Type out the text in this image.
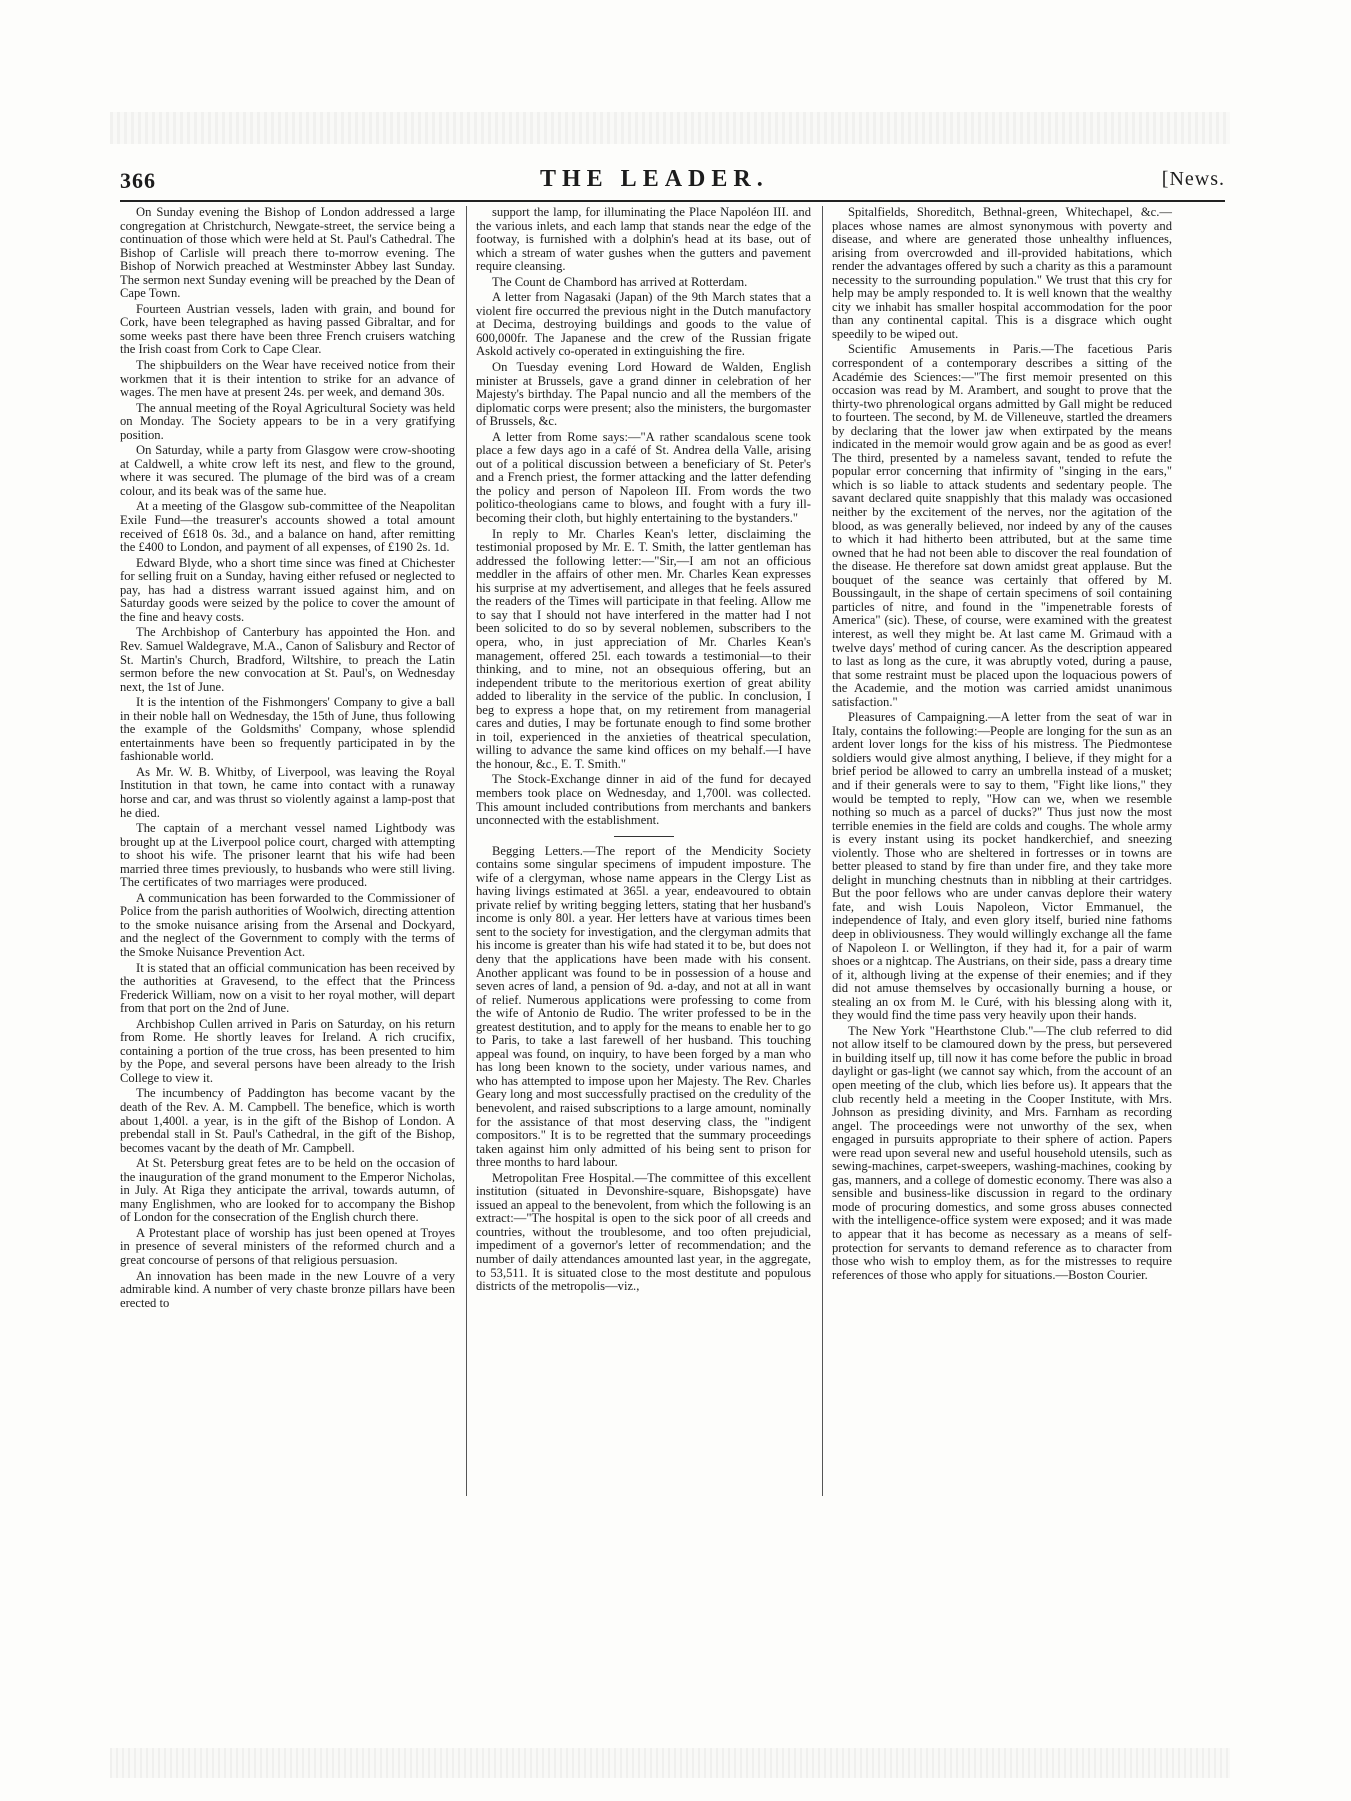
366	THE LEADER.	[News.

On Sunday evening the Bishop of London addressed a large congregation at Christchurch, Newgate-street, the service being a continuation of those which were held at St. Paul's Cathedral. The Bishop of Carlisle will preach there to-morrow evening. The Bishop of Norwich preached at Westminster Abbey last Sunday. The sermon next Sunday evening will be preached by the Dean of Cape Town.

Fourteen Austrian vessels, laden with grain, and bound for Cork, have been telegraphed as having passed Gibraltar, and for some weeks past there have been three French cruisers watching the Irish coast from Cork to Cape Clear.

The shipbuilders on the Wear have received notice from their workmen that it is their intention to strike for an advance of wages. The men have at present 24s. per week, and demand 30s.

The annual meeting of the Royal Agricultural Society was held on Monday. The Society appears to be in a very gratifying position.

On Saturday, while a party from Glasgow were crow-shooting at Caldwell, a white crow left its nest, and flew to the ground, where it was secured. The plumage of the bird was of a cream colour, and its beak was of the same hue.

At a meeting of the Glasgow sub-committee of the Neapolitan Exile Fund—the treasurer's accounts showed a total amount received of £618 0s. 3d., and a balance on hand, after remitting the £400 to London, and payment of all expenses, of £190 2s. 1d.

Edward Blyde, who a short time since was fined at Chichester for selling fruit on a Sunday, having either refused or neglected to pay, has had a distress warrant issued against him, and on Saturday goods were seized by the police to cover the amount of the fine and heavy costs.

The Archbishop of Canterbury has appointed the Hon. and Rev. Samuel Waldegrave, M.A., Canon of Salisbury and Rector of St. Martin's Church, Bradford, Wiltshire, to preach the Latin sermon before the new convocation at St. Paul's, on Wednesday next, the 1st of June.

It is the intention of the Fishmongers' Company to give a ball in their noble hall on Wednesday, the 15th of June, thus following the example of the Goldsmiths' Company, whose splendid entertainments have been so frequently participated in by the fashionable world.

As Mr. W. B. Whitby, of Liverpool, was leaving the Royal Institution in that town, he came into contact with a runaway horse and car, and was thrust so violently against a lamp-post that he died.

The captain of a merchant vessel named Lightbody was brought up at the Liverpool police court, charged with attempting to shoot his wife. The prisoner learnt that his wife had been married three times previously, to husbands who were still living. The certificates of two marriages were produced.

A communication has been forwarded to the Commissioner of Police from the parish authorities of Woolwich, directing attention to the smoke nuisance arising from the Arsenal and Dockyard, and the neglect of the Government to comply with the terms of the Smoke Nuisance Prevention Act.

It is stated that an official communication has been received by the authorities at Gravesend, to the effect that the Princess Frederick William, now on a visit to her royal mother, will depart from that port on the 2nd of June.

Archbishop Cullen arrived in Paris on Saturday, on his return from Rome. He shortly leaves for Ireland. A rich crucifix, containing a portion of the true cross, has been presented to him by the Pope, and several persons have been already to the Irish College to view it.

The incumbency of Paddington has become vacant by the death of the Rev. A. M. Campbell. The benefice, which is worth about 1,400l. a year, is in the gift of the Bishop of London. A prebendal stall in St. Paul's Cathedral, in the gift of the Bishop, becomes vacant by the death of Mr. Campbell.

At St. Petersburg great fetes are to be held on the occasion of the inauguration of the grand monument to the Emperor Nicholas, in July. At Riga they anticipate the arrival, towards autumn, of many Englishmen, who are looked for to accompany the Bishop of London for the consecration of the English church there.

A Protestant place of worship has just been opened at Troyes in presence of several ministers of the reformed church and a great concourse of persons of that religious persuasion.

An innovation has been made in the new Louvre of a very admirable kind. A number of very chaste bronze pillars have been erected to

support the lamp, for illuminating the Place Napoléon III. and the various inlets, and each lamp that stands near the edge of the footway, is furnished with a dolphin's head at its base, out of which a stream of water gushes when the gutters and pavement require cleansing.

The Count de Chambord has arrived at Rotterdam.

A letter from Nagasaki (Japan) of the 9th March states that a violent fire occurred the previous night in the Dutch manufactory at Decima, destroying buildings and goods to the value of 600,000fr. The Japanese and the crew of the Russian frigate Askold actively co-operated in extinguishing the fire.

On Tuesday evening Lord Howard de Walden, English minister at Brussels, gave a grand dinner in celebration of her Majesty's birthday. The Papal nuncio and all the members of the diplomatic corps were present; also the ministers, the burgomaster of Brussels, &c.

A letter from Rome says:—"A rather scandalous scene took place a few days ago in a café of St. Andrea della Valle, arising out of a political discussion between a beneficiary of St. Peter's and a French priest, the former attacking and the latter defending the policy and person of Napoleon III. From words the two politico-theologians came to blows, and fought with a fury ill-becoming their cloth, but highly entertaining to the bystanders."

In reply to Mr. Charles Kean's letter, disclaiming the testimonial proposed by Mr. E. T. Smith, the latter gentleman has addressed the following letter:—"Sir,—I am not an officious meddler in the affairs of other men. Mr. Charles Kean expresses his surprise at my advertisement, and alleges that he feels assured the readers of the Times will participate in that feeling. Allow me to say that I should not have interfered in the matter had I not been solicited to do so by several noblemen, subscribers to the opera, who, in just appreciation of Mr. Charles Kean's management, offered 25l. each towards a testimonial—to their thinking, and to mine, not an obsequious offering, but an independent tribute to the meritorious exertion of great ability added to liberality in the service of the public. In conclusion, I beg to express a hope that, on my retirement from managerial cares and duties, I may be fortunate enough to find some brother in toil, experienced in the anxieties of theatrical speculation, willing to advance the same kind offices on my behalf.—I have the honour, &c., E. T. Smith."

The Stock-Exchange dinner in aid of the fund for decayed members took place on Wednesday, and 1,700l. was collected. This amount included contributions from merchants and bankers unconnected with the establishment.

Begging Letters.—The report of the Mendicity Society contains some singular specimens of impudent imposture. The wife of a clergyman, whose name appears in the Clergy List as having livings estimated at 365l. a year, endeavoured to obtain private relief by writing begging letters, stating that her husband's income is only 80l. a year. Her letters have at various times been sent to the society for investigation, and the clergyman admits that his income is greater than his wife had stated it to be, but does not deny that the applications have been made with his consent. Another applicant was found to be in possession of a house and seven acres of land, a pension of 9d. a-day, and not at all in want of relief. Numerous applications were professing to come from the wife of Antonio de Rudio. The writer professed to be in the greatest destitution, and to apply for the means to enable her to go to Paris, to take a last farewell of her husband. This touching appeal was found, on inquiry, to have been forged by a man who has long been known to the society, under various names, and who has attempted to impose upon her Majesty. The Rev. Charles Geary long and most successfully practised on the credulity of the benevolent, and raised subscriptions to a large amount, nominally for the assistance of that most deserving class, the "indigent compositors." It is to be regretted that the summary proceedings taken against him only admitted of his being sent to prison for three months to hard labour.

Metropolitan Free Hospital.—The committee of this excellent institution (situated in Devonshire-square, Bishopsgate) have issued an appeal to the benevolent, from which the following is an extract:—"The hospital is open to the sick poor of all creeds and countries, without the troublesome, and too often prejudicial, impediment of a governor's letter of recommendation; and the number of daily attendances amounted last year, in the aggregate, to 53,511. It is situated close to the most destitute and populous districts of the metropolis—viz.,

Spitalfields, Shoreditch, Bethnal-green, Whitechapel, &c.—places whose names are almost synonymous with poverty and disease, and where are generated those unhealthy influences, arising from overcrowded and ill-provided habitations, which render the advantages offered by such a charity as this a paramount necessity to the surrounding population." We trust that this cry for help may be amply responded to. It is well known that the wealthy city we inhabit has smaller hospital accommodation for the poor than any continental capital. This is a disgrace which ought speedily to be wiped out.

Scientific Amusements in Paris.—The facetious Paris correspondent of a contemporary describes a sitting of the Académie des Sciences:—"The first memoir presented on this occasion was read by M. Arambert, and sought to prove that the thirty-two phrenological organs admitted by Gall might be reduced to fourteen. The second, by M. de Villeneuve, startled the dreamers by declaring that the lower jaw when extirpated by the means indicated in the memoir would grow again and be as good as ever! The third, presented by a nameless savant, tended to refute the popular error concerning that infirmity of "singing in the ears," which is so liable to attack students and sedentary people. The savant declared quite snappishly that this malady was occasioned neither by the excitement of the nerves, nor the agitation of the blood, as was generally believed, nor indeed by any of the causes to which it had hitherto been attributed, but at the same time owned that he had not been able to discover the real foundation of the disease. He therefore sat down amidst great applause. But the bouquet of the seance was certainly that offered by M. Boussingault, in the shape of certain specimens of soil containing particles of nitre, and found in the "impenetrable forests of America" (sic). These, of course, were examined with the greatest interest, as well they might be. At last came M. Grimaud with a twelve days' method of curing cancer. As the description appeared to last as long as the cure, it was abruptly voted, during a pause, that some restraint must be placed upon the loquacious powers of the Academie, and the motion was carried amidst unanimous satisfaction."

Pleasures of Campaigning.—A letter from the seat of war in Italy, contains the following:—People are longing for the sun as an ardent lover longs for the kiss of his mistress. The Piedmontese soldiers would give almost anything, I believe, if they might for a brief period be allowed to carry an umbrella instead of a musket; and if their generals were to say to them, "Fight like lions," they would be tempted to reply, "How can we, when we resemble nothing so much as a parcel of ducks?" Thus just now the most terrible enemies in the field are colds and coughs. The whole army is every instant using its pocket handkerchief, and sneezing violently. Those who are sheltered in fortresses or in towns are better pleased to stand by fire than under fire, and they take more delight in munching chestnuts than in nibbling at their cartridges. But the poor fellows who are under canvas deplore their watery fate, and wish Louis Napoleon, Victor Emmanuel, the independence of Italy, and even glory itself, buried nine fathoms deep in obliviousness. They would willingly exchange all the fame of Napoleon I. or Wellington, if they had it, for a pair of warm shoes or a nightcap. The Austrians, on their side, pass a dreary time of it, although living at the expense of their enemies; and if they did not amuse themselves by occasionally burning a house, or stealing an ox from M. le Curé, with his blessing along with it, they would find the time pass very heavily upon their hands.

The New York "Hearthstone Club."—The club referred to did not allow itself to be clamoured down by the press, but persevered in building itself up, till now it has come before the public in broad daylight or gas-light (we cannot say which, from the account of an open meeting of the club, which lies before us). It appears that the club recently held a meeting in the Cooper Institute, with Mrs. Johnson as presiding divinity, and Mrs. Farnham as recording angel. The proceedings were not unworthy of the sex, when engaged in pursuits appropriate to their sphere of action. Papers were read upon several new and useful household utensils, such as sewing-machines, carpet-sweepers, washing-machines, cooking by gas, manners, and a college of domestic economy. There was also a sensible and business-like discussion in regard to the ordinary mode of procuring domestics, and some gross abuses connected with the intelligence-office system were exposed; and it was made to appear that it has become as necessary as a means of self-protection for servants to demand reference as to character from those who wish to employ them, as for the mistresses to require references of those who apply for situations.—Boston Courier.
